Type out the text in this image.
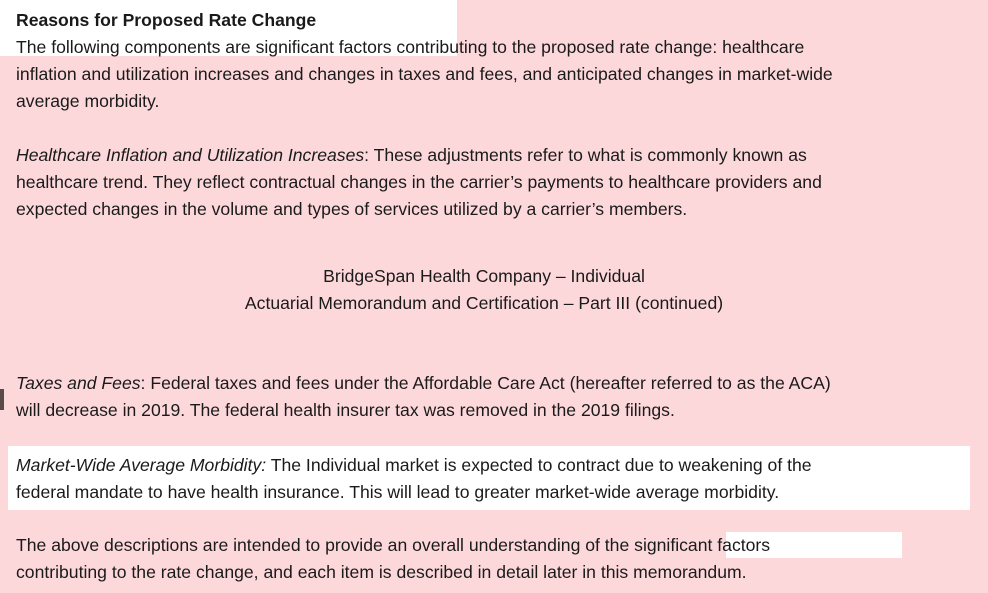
Reasons for Proposed Rate Change
The following components are significant factors contributing to the proposed rate change: healthcare
inflation and utilization increases and changes in taxes and fees, and anticipated changes in market-wide
average morbidity.
Healthcare Inflation and Utilization Increases: These adjustments refer to what is commonly known as
healthcare trend. They reflect contractual changes in the carrier’s payments to healthcare providers and
expected changes in the volume and types of services utilized by a carrier’s members.
BridgeSpan Health Company – Individual
Actuarial Memorandum and Certification – Part III (continued)
Taxes and Fees: Federal taxes and fees under the Affordable Care Act (hereafter referred to as the ACA)
will decrease in 2019. The federal health insurer tax was removed in the 2019 filings.
Market-Wide Average Morbidity: The Individual market is expected to contract due to weakening of the
federal mandate to have health insurance. This will lead to greater market-wide average morbidity.
The above descriptions are intended to provide an overall understanding of the significant factors
contributing to the rate change, and each item is described in detail later in this memorandum.
